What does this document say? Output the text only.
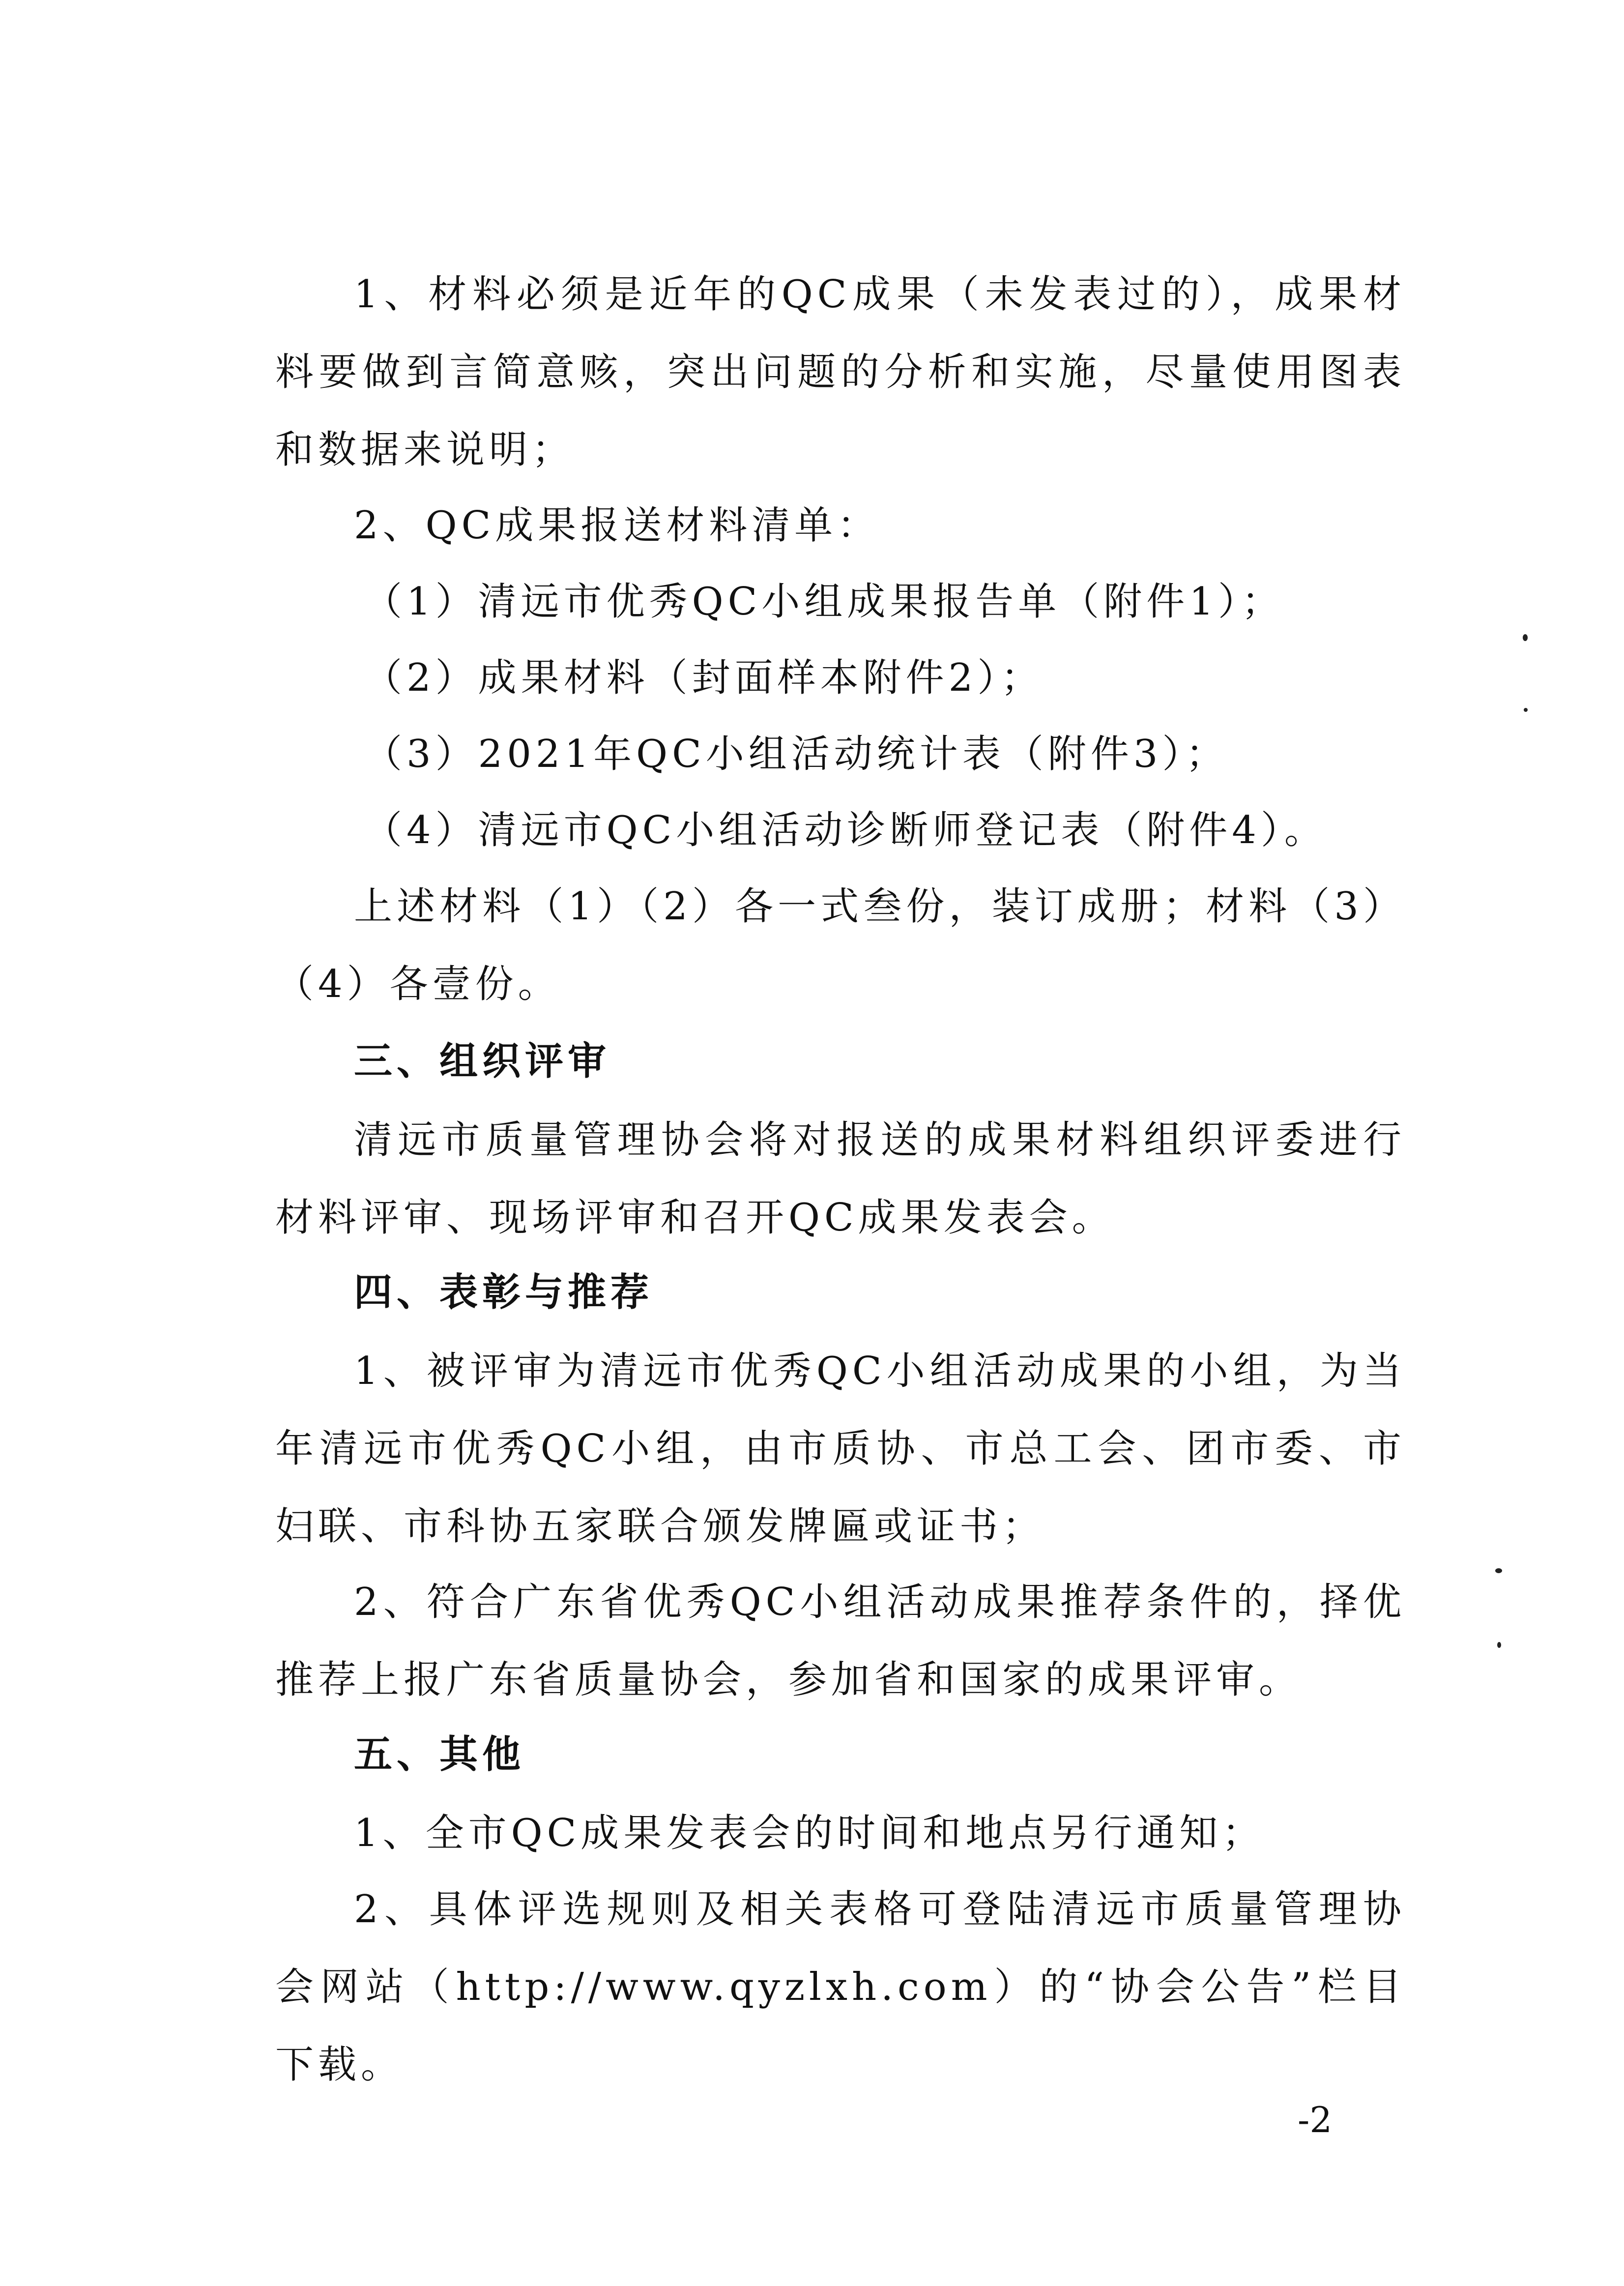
1、材料必须是近年的QC成果（未发表过的），成果材料要做到言简意赅，突出问题的分析和实施，尽量使用图表和数据来说明；

2、QC成果报送材料清单：

（1）清远市优秀QC小组成果报告单（附件1）；

（2）成果材料（封面样本附件2）；

（3）2021年QC小组活动统计表（附件3）；

（4）清远市QC小组活动诊断师登记表（附件4）。

上述材料（1）（2）各一式叁份，装订成册；材料（3）（4）各壹份。

三、组织评审

清远市质量管理协会将对报送的成果材料组织评委进行材料评审、现场评审和召开QC成果发表会。

四、表彰与推荐

1、被评审为清远市优秀QC小组活动成果的小组，为当年清远市优秀QC小组，由市质协、市总工会、团市委、市妇联、市科协五家联合颁发牌匾或证书；

2、符合广东省优秀QC小组活动成果推荐条件的，择优推荐上报广东省质量协会，参加省和国家的成果评审。

五、其他

1、全市QC成果发表会的时间和地点另行通知；

2、具体评选规则及相关表格可登陆清远市质量管理协会网站（http://www.qyzlxh.com）的“协会公告”栏目下载。

-2
